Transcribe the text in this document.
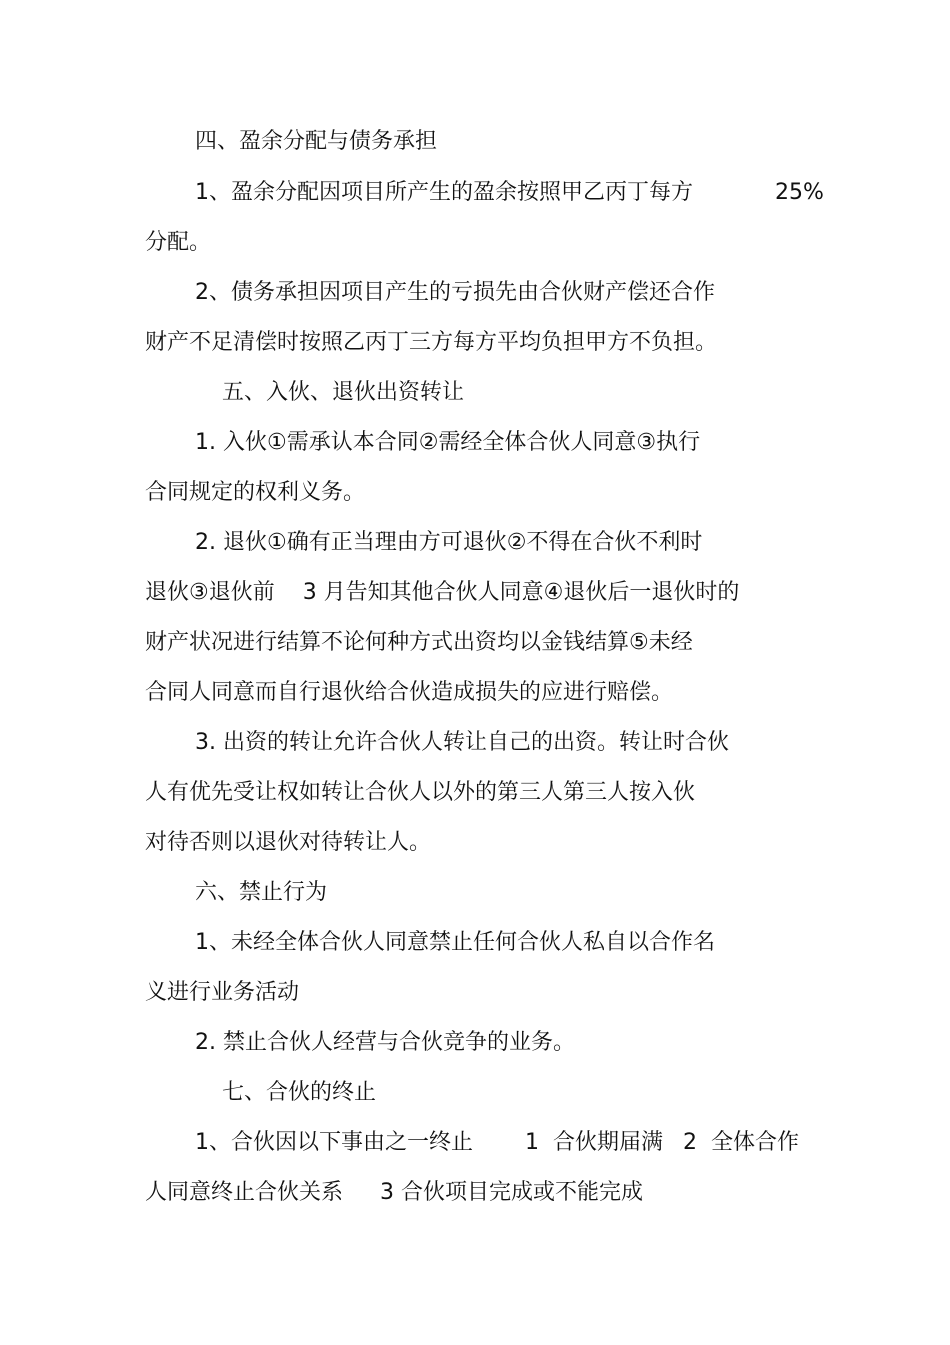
四、盈余分配与债务承担
1、盈余分配因项目所产生的盈余按照甲乙丙丁每方	25%
分配。
2、债务承担因项目产生的亏损先由合伙财产偿还合作
财产不足清偿时按照乙丙丁三方每方平均负担甲方不负担。
五、入伙、退伙出资转让
1. 入伙①需承认本合同②需经全体合伙人同意③执行
合同规定的权利义务。
2. 退伙①确有正当理由方可退伙②不得在合伙不利时
退伙③退伙前    3 月告知其他合伙人同意④退伙后一退伙时的
财产状况进行结算不论何种方式出资均以金钱结算⑤未经
合同人同意而自行退伙给合伙造成损失的应进行赔偿。
3. 出资的转让允许合伙人转让自己的出资。转让时合伙
人有优先受让权如转让合伙人以外的第三人第三人按入伙
对待否则以退伙对待转让人。
六、禁止行为
1、未经全体合伙人同意禁止任何合伙人私自以合作名
义进行业务活动
2. 禁止合伙人经营与合伙竞争的业务。
七、合伙的终止
1、合伙因以下事由之一终止 1  合伙期届满 2  全体合作
人同意终止合伙关系 3 合伙项目完成或不能完成
